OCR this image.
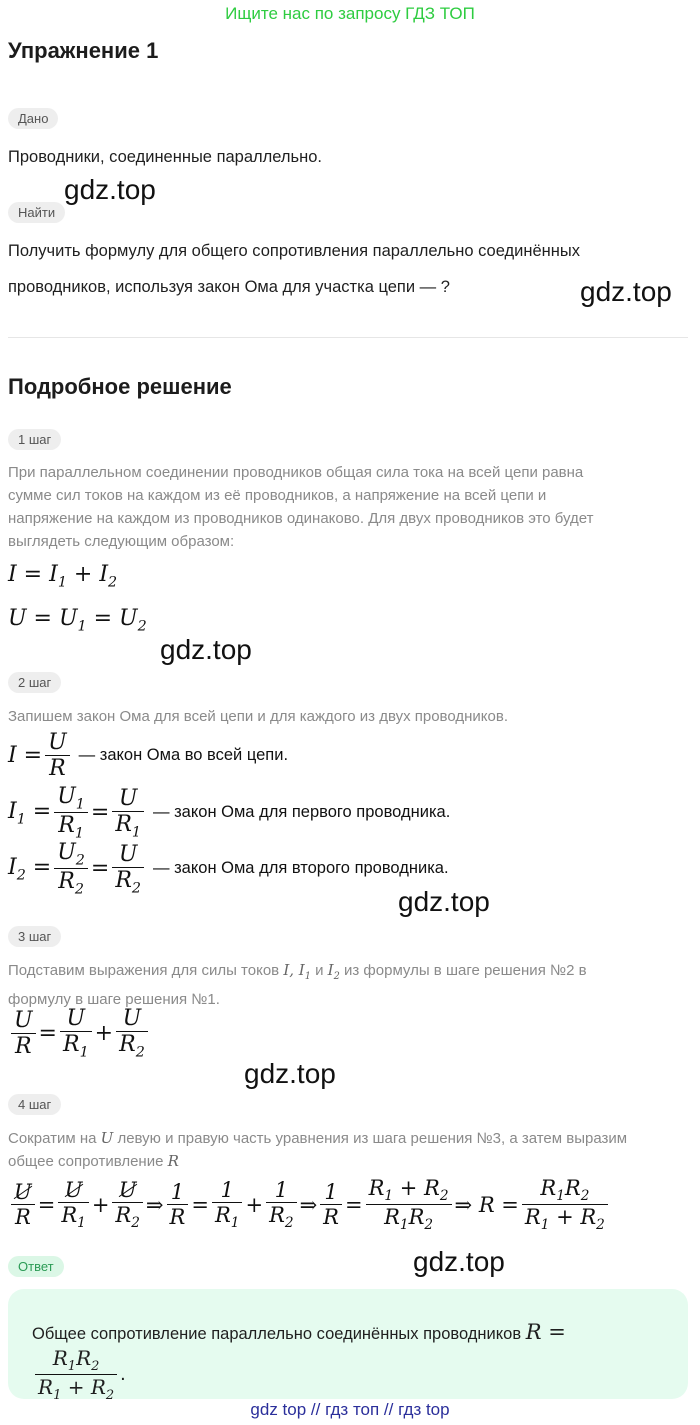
Ищите нас по запросу ГДЗ ТОП
Упражнение 1
Дано
Проводники, соединенные параллельно.
gdz.top
Найти
Получить формулу для общего сопротивления параллельно соединённых
проводников, используя закон Ома для участка цепи — ?	gdz.top
Подробное решение
1 шаг
При параллельном соединении проводников общая сила тока на всей цепи равна
сумме сил токов на каждом из её проводников, а напряжение на всей цепи и
напряжение на каждом из проводников одинаково. Для двух проводников это будет
выглядеть следующим образом:
$I = I_1 + I_2$
$U = U_1 = U_2$
gdz.top
2 шаг
Запишем закон Ома для всей цепи и для каждого из двух проводников.
$I = \frac{U}{R}$ — закон Ома во всей цепи.
$I_1 = \frac{U_1}{R_1} = \frac{U}{R_1}$ — закон Ома для первого проводника.
$I_2 = \frac{U_2}{R_2} = \frac{U}{R_2}$ — закон Ома для второго проводника.
gdz.top
3 шаг
Подставим выражения для силы токов I, $I_1$ и $I_2$ из формулы в шаге решения №2 в
формулу в шаге решения №1.
$\frac{U}{R} = \frac{U}{R_1} + \frac{U}{R_2}$
gdz.top
4 шаг
Сократим на U левую и правую часть уравнения из шага решения №3, а затем выразим
общее сопротивление R
$\frac{U}{R} = \frac{U}{R_1} + \frac{U}{R_2}$ ⇒ $\frac{1}{R} = \frac{1}{R_1} + \frac{1}{R_2}$ ⇒ $\frac{1}{R} = \frac{R_1 + R_2}{R_1R_2}$ ⇒ $R = \frac{R_1R_2}{R_1 + R_2}$
Ответ	gdz.top
Общее сопротивление параллельно соединённых проводников R =
$\frac{R_1R_2}{R_1 + R_2}$ .
gdz top // гдз топ // гдз top
